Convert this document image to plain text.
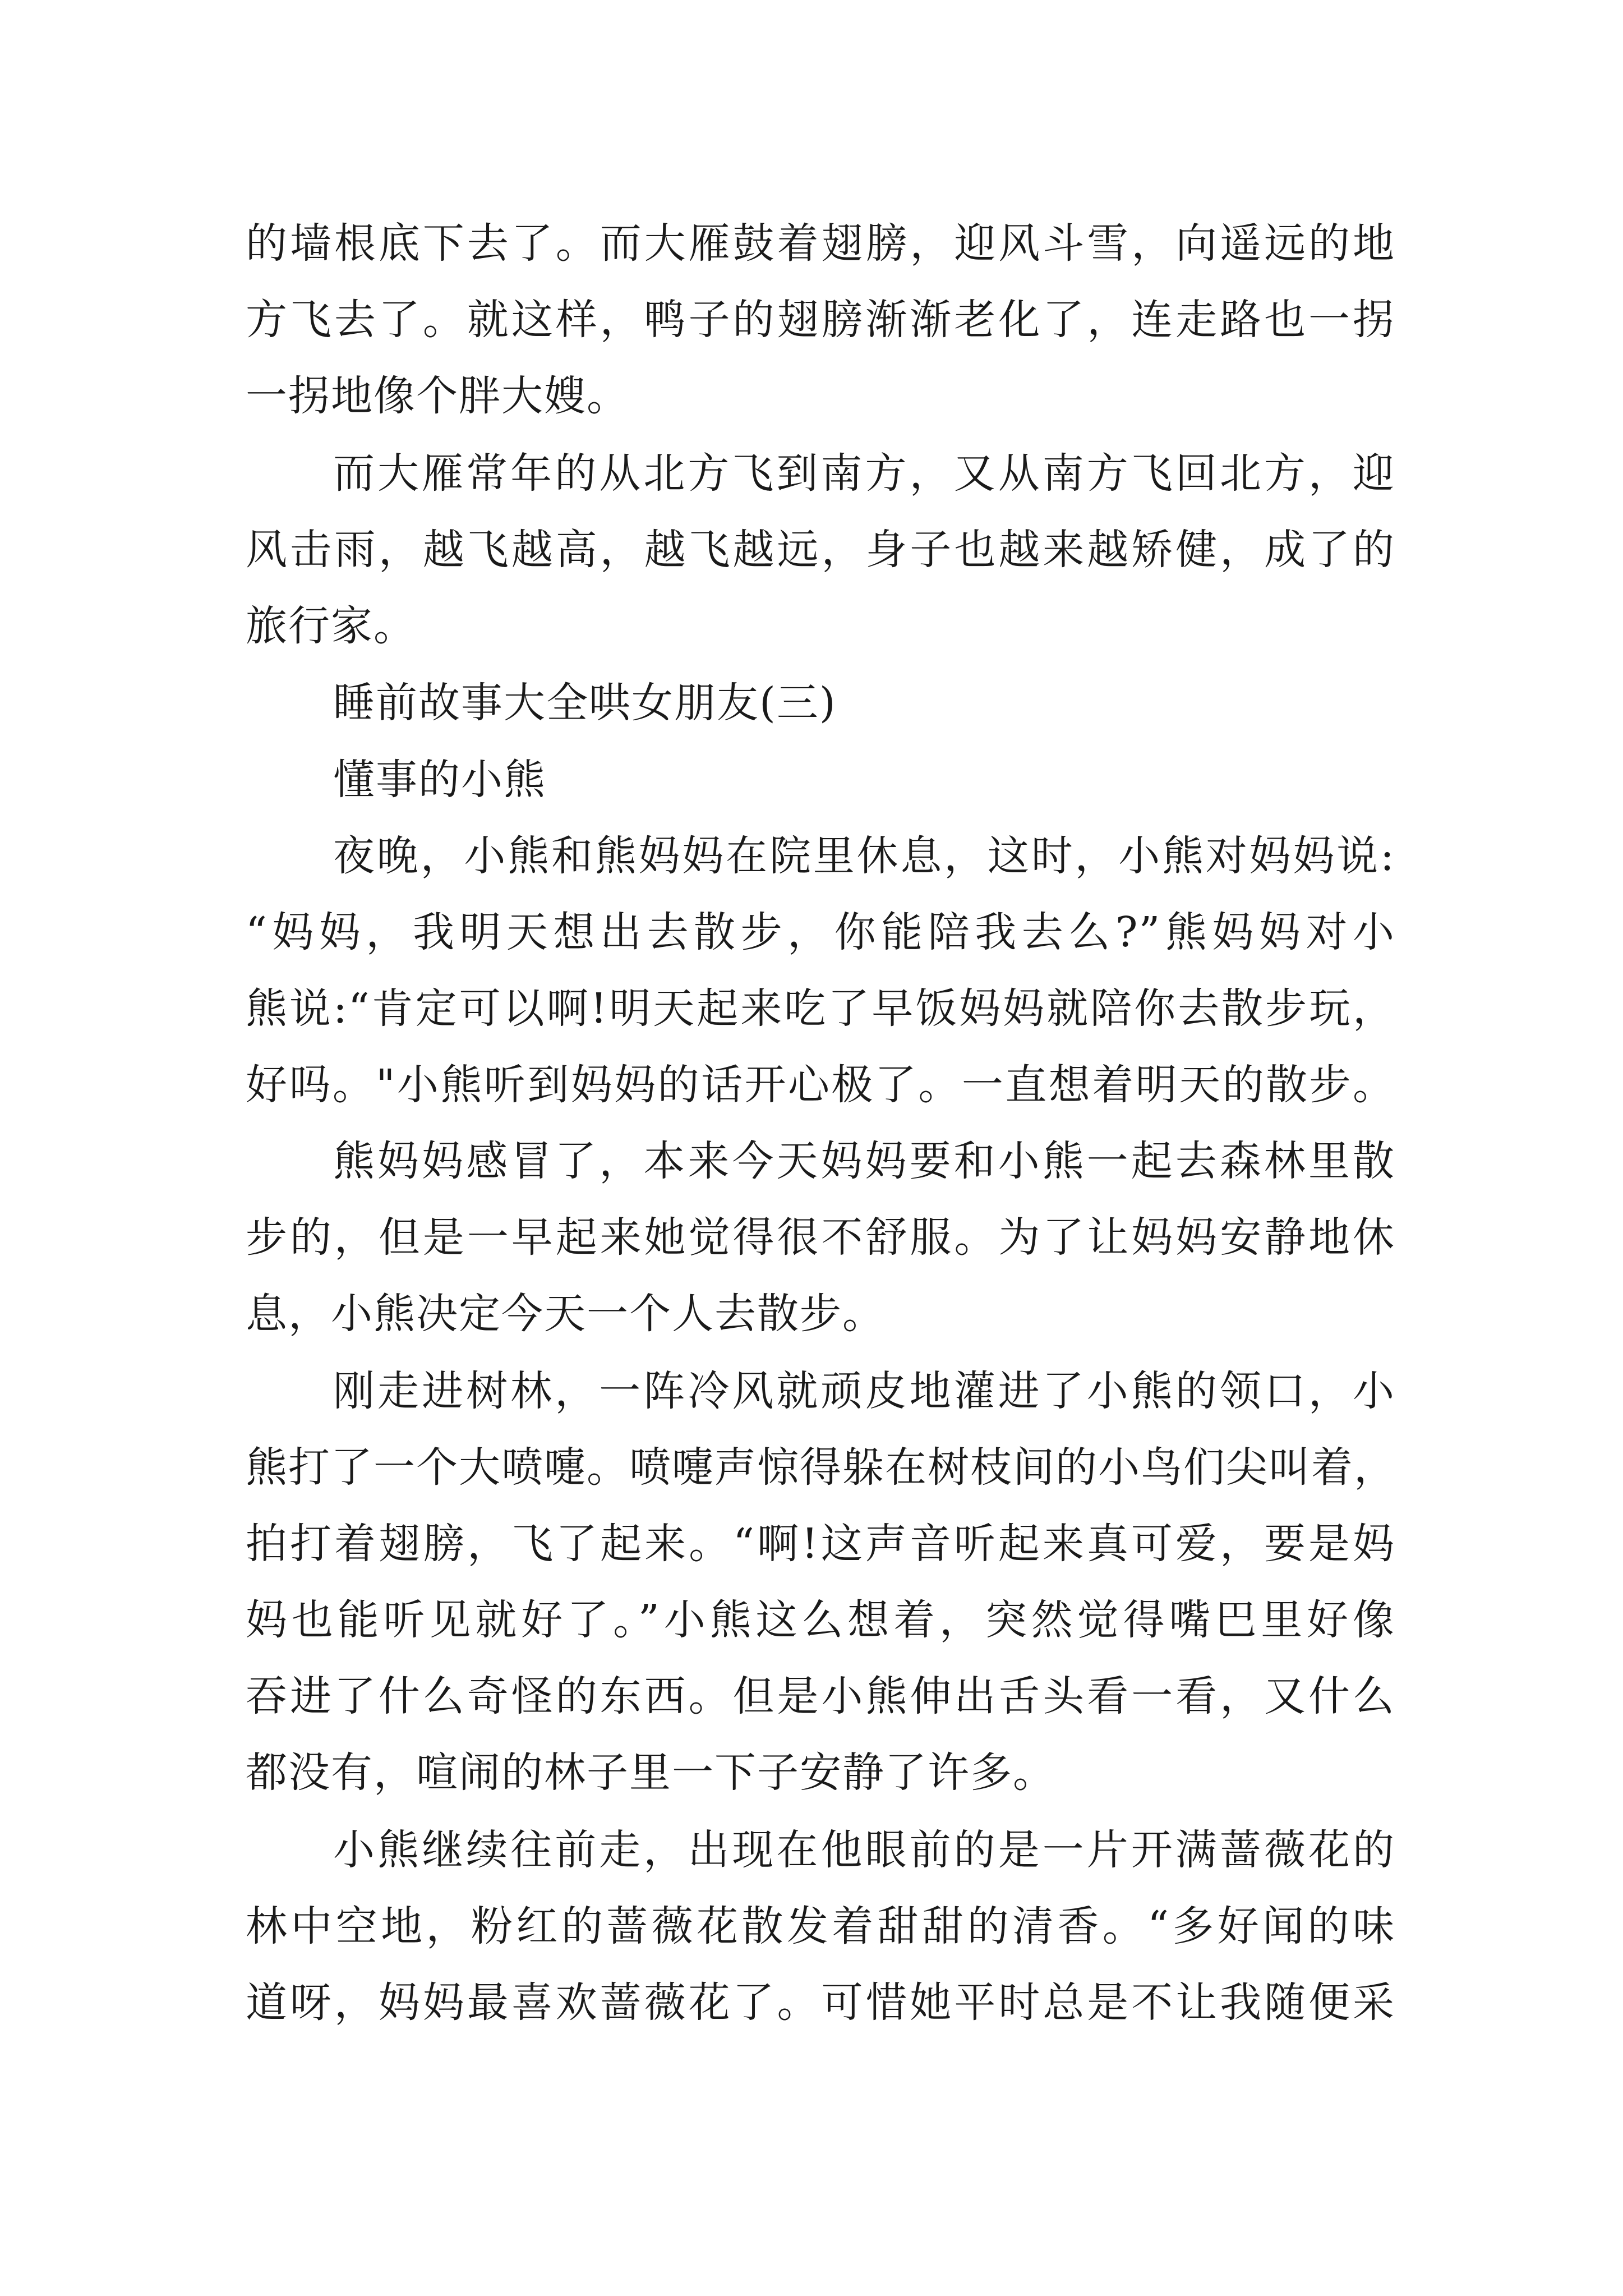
的墙根底下去了。而大雁鼓着翅膀，迎风斗雪，向遥远的地
方飞去了。就这样，鸭子的翅膀渐渐老化了，连走路也一拐
一拐地像个胖大嫂。
而大雁常年的从北方飞到南方，又从南方飞回北方，迎
风击雨，越飞越高，越飞越远，身子也越来越矫健，成了的
旅行家。
睡前故事大全哄女朋友(三)
懂事的小熊
夜晚，小熊和熊妈妈在院里休息，这时，小熊对妈妈说:
“妈妈，我明天想出去散步，你能陪我去么?”熊妈妈对小
熊说:“肯定可以啊!明天起来吃了早饭妈妈就陪你去散步玩，
好吗。"小熊听到妈妈的话开心极了。一直想着明天的散步。
熊妈妈感冒了，本来今天妈妈要和小熊一起去森林里散
步的，但是一早起来她觉得很不舒服。为了让妈妈安静地休
息，小熊决定今天一个人去散步。
刚走进树林，一阵冷风就顽皮地灌进了小熊的领口，小
熊打了一个大喷嚏。喷嚏声惊得躲在树枝间的小鸟们尖叫着，
拍打着翅膀，飞了起来。“啊!这声音听起来真可爱，要是妈
妈也能听见就好了。”小熊这么想着，突然觉得嘴巴里好像
吞进了什么奇怪的东西。但是小熊伸出舌头看一看，又什么
都没有，喧闹的林子里一下子安静了许多。
小熊继续往前走，出现在他眼前的是一片开满蔷薇花的
林中空地，粉红的蔷薇花散发着甜甜的清香。“多好闻的味
道呀，妈妈最喜欢蔷薇花了。可惜她平时总是不让我随便采
